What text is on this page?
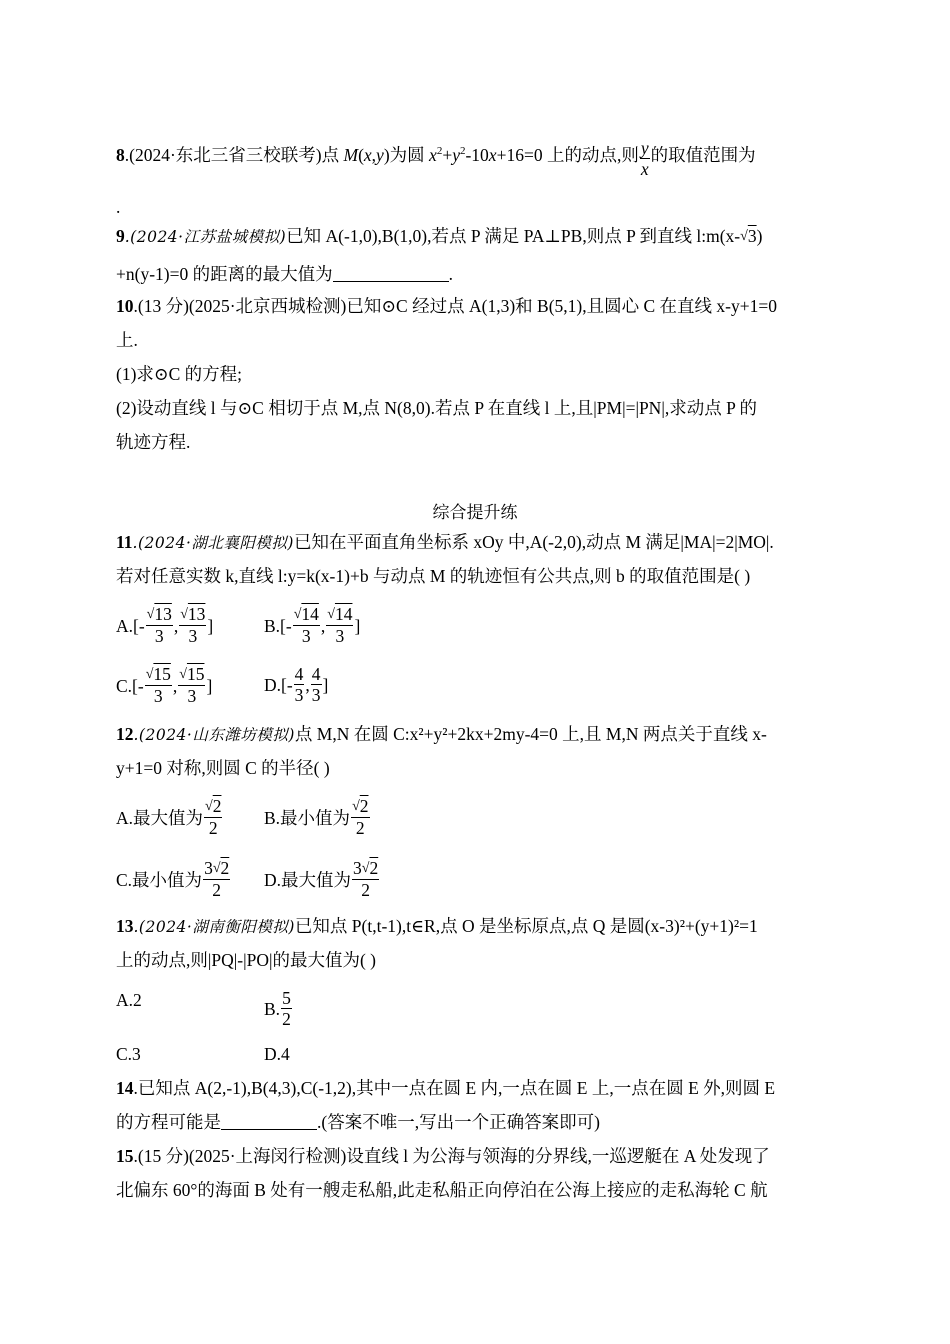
8.(2024·东北三省三校联考)点 M(x,y)为圆 $x^2+y^2-10x+16=0$ 上的动点,则 $\frac{y}{x}$ 的取值范围为
.
9.(2024·江苏盐城模拟)已知 A(-1,0),B(1,0),若点 P 满足 PA⊥PB,则点 P 到直线 l:m(x-√3)
+n(y-1)=0 的距离的最大值为	.
10.(13 分)(2025·北京西城检测)已知⊙C 经过点 A(1,3)和 B(5,1),且圆心 C 在直线 x-y+1=0
上.
(1)求⊙C 的方程;
(2)设动直线 l 与⊙C 相切于点 M,点 N(8,0).若点 P 在直线 l 上,且|PM|=|PN|,求动点 P 的
轨迹方程.
综合提升练
11.(2024·湖北襄阳模拟)已知在平面直角坐标系 xOy 中,A(-2,0),动点 M 满足|MA|=2|MO|.
若对任意实数 k,直线 l:y=k(x-1)+b 与动点 M 的轨迹恒有公共点,则 b 的取值范围是( )
$A.[- \frac{√13}{3}$ , $\frac{√13}{3}$ ]	$B.[- \frac{√14}{3}$ , $\frac{√14}{3}$ ]
$C.[- \frac{√15}{3}$ , $\frac{√15}{3}$ ]	$D.[- \frac{4}{3}$ , $\frac{4}{3}$ ]
12.(2024·山东潍坊模拟)点 M,N 在圆 C:x²+y²+2kx+2my-4=0 上,且 M,N 两点关于直线 x-
y+1=0 对称,则圆 C 的半径( )
A.最大值为 $\frac{√2}{2} B$.最小值为 $\frac{√2}{2}$
C.最小值为 $\frac{3√2}{2} D$.最大值为 $\frac{3√2}{2}$
13.(2024·湖南衡阳模拟)已知点 P(t,t-1),t∈R,点 O 是坐标原点,点 Q 是圆(x-3)²+(y+1)²=1
上的动点,则|PQ|-|PO|的最大值为( )
A.2	B. $\frac{5}{2}$
C.3	D.4
14.已知点 A(2,-1),B(4,3),C(-1,2),其中一点在圆 E 内,一点在圆 E 上,一点在圆 E 外,则圆 E
的方程可能是	.(答案不唯一,写出一个正确答案即可)
15.(15 分)(2025·上海闵行检测)设直线 l 为公海与领海的分界线,一巡逻艇在 A 处发现了
北偏东 60°的海面 B 处有一艘走私船,此走私船正向停泊在公海上接应的走私海轮 C 航
